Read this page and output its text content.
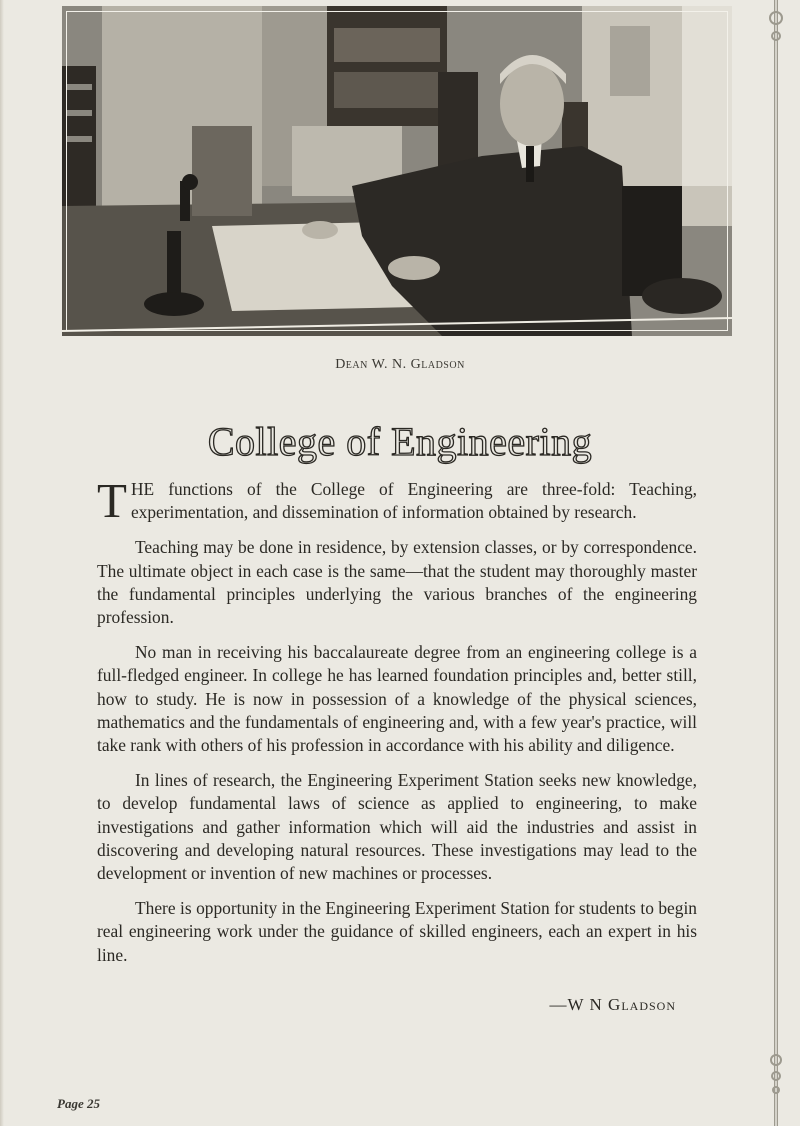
Dean W. N. Gladson
College of Engineering

THE functions of the College of Engineering are three-fold: Teaching, experimentation, and dissemination of information obtained by research.

Teaching may be done in residence, by extension classes, or by correspondence. The ultimate object in each case is the same—that the student may thoroughly master the fundamental principles underlying the various branches of the engineering profession.

No man in receiving his baccalaureate degree from an engineering college is a full-fledged engineer. In college he has learned foundation principles and, better still, how to study. He is now in possession of a knowledge of the physical sciences, mathematics and the fundamentals of engineering and, with a few year's practice, will take rank with others of his profession in accordance with his ability and diligence.

In lines of research, the Engineering Experiment Station seeks new knowledge, to develop fundamental laws of science as applied to engineering, to make investigations and gather information which will aid the industries and assist in discovering and developing natural resources. These investigations may lead to the development or invention of new machines or processes.

There is opportunity in the Engineering Experiment Station for students to begin real engineering work under the guidance of skilled engineers, each an expert in his line.

—W N Gladson
Page 25
